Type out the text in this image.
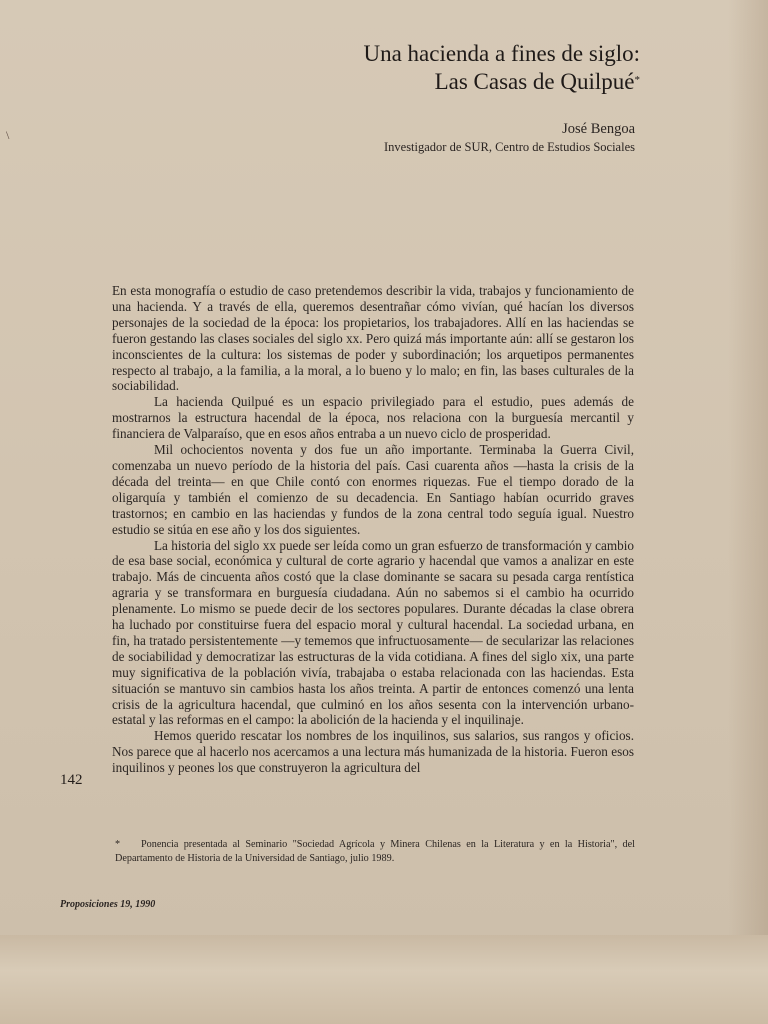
\
Una hacienda a fines de siglo:
Las Casas de Quilpué*
José Bengoa
Investigador de SUR, Centro de Estudios Sociales

En esta monografía o estudio de caso pretendemos describir la vida, trabajos y funcionamiento de una hacienda. Y a través de ella, queremos desentrañar cómo vivían, qué hacían los diversos personajes de la sociedad de la época: los propietarios, los trabajadores. Allí en las haciendas se fueron gestando las clases sociales del siglo xx. Pero quizá más importante aún: allí se gestaron los inconscientes de la cultura: los sistemas de poder y subordinación; los arquetipos permanentes respecto al trabajo, a la familia, a la moral, a lo bueno y lo malo; en fin, las bases culturales de la sociabilidad.

La hacienda Quilpué es un espacio privilegiado para el estudio, pues además de mostrarnos la estructura hacendal de la época, nos relaciona con la burguesía mercantil y financiera de Valparaíso, que en esos años entraba a un nuevo ciclo de prosperidad.

Mil ochocientos noventa y dos fue un año importante. Terminaba la Guerra Civil, comenzaba un nuevo período de la historia del país. Casi cuarenta años —hasta la crisis de la década del treinta— en que Chile contó con enormes riquezas. Fue el tiempo dorado de la oligarquía y también el comienzo de su decadencia. En Santiago habían ocurrido graves trastornos; en cambio en las haciendas y fundos de la zona central todo seguía igual. Nuestro estudio se sitúa en ese año y los dos siguientes.

La historia del siglo xx puede ser leída como un gran esfuerzo de transformación y cambio de esa base social, económica y cultural de corte agrario y hacendal que vamos a analizar en este trabajo. Más de cincuenta años costó que la clase dominante se sacara su pesada carga rentística agraria y se transformara en burguesía ciudadana. Aún no sabemos si el cambio ha ocurrido plenamente. Lo mismo se puede decir de los sectores populares. Durante décadas la clase obrera ha luchado por constituirse fuera del espacio moral y cultural hacendal. La sociedad urbana, en fin, ha tratado persistentemente —y tememos que infructuosamente— de secularizar las relaciones de sociabilidad y democratizar las estructuras de la vida cotidiana. A fines del siglo xix, una parte muy significativa de la población vivía, trabajaba o estaba relacionada con las haciendas. Esta situación se mantuvo sin cambios hasta los años treinta. A partir de entonces comenzó una lenta crisis de la agricultura hacendal, que culminó en los años sesenta con la intervención urbano-estatal y las reformas en el campo: la abolición de la hacienda y el inquilinaje.

Hemos querido rescatar los nombres de los inquilinos, sus salarios, sus rangos y oficios. Nos parece que al hacerlo nos acercamos a una lectura más humanizada de la historia. Fueron esos inquilinos y peones los que construyeron la agricultura del

142
* Ponencia presentada al Seminario "Sociedad Agrícola y Minera Chilenas en la Literatura y en la Historia", del Departamento de Historia de la Universidad de Santiago, julio 1989.
Proposiciones 19, 1990
